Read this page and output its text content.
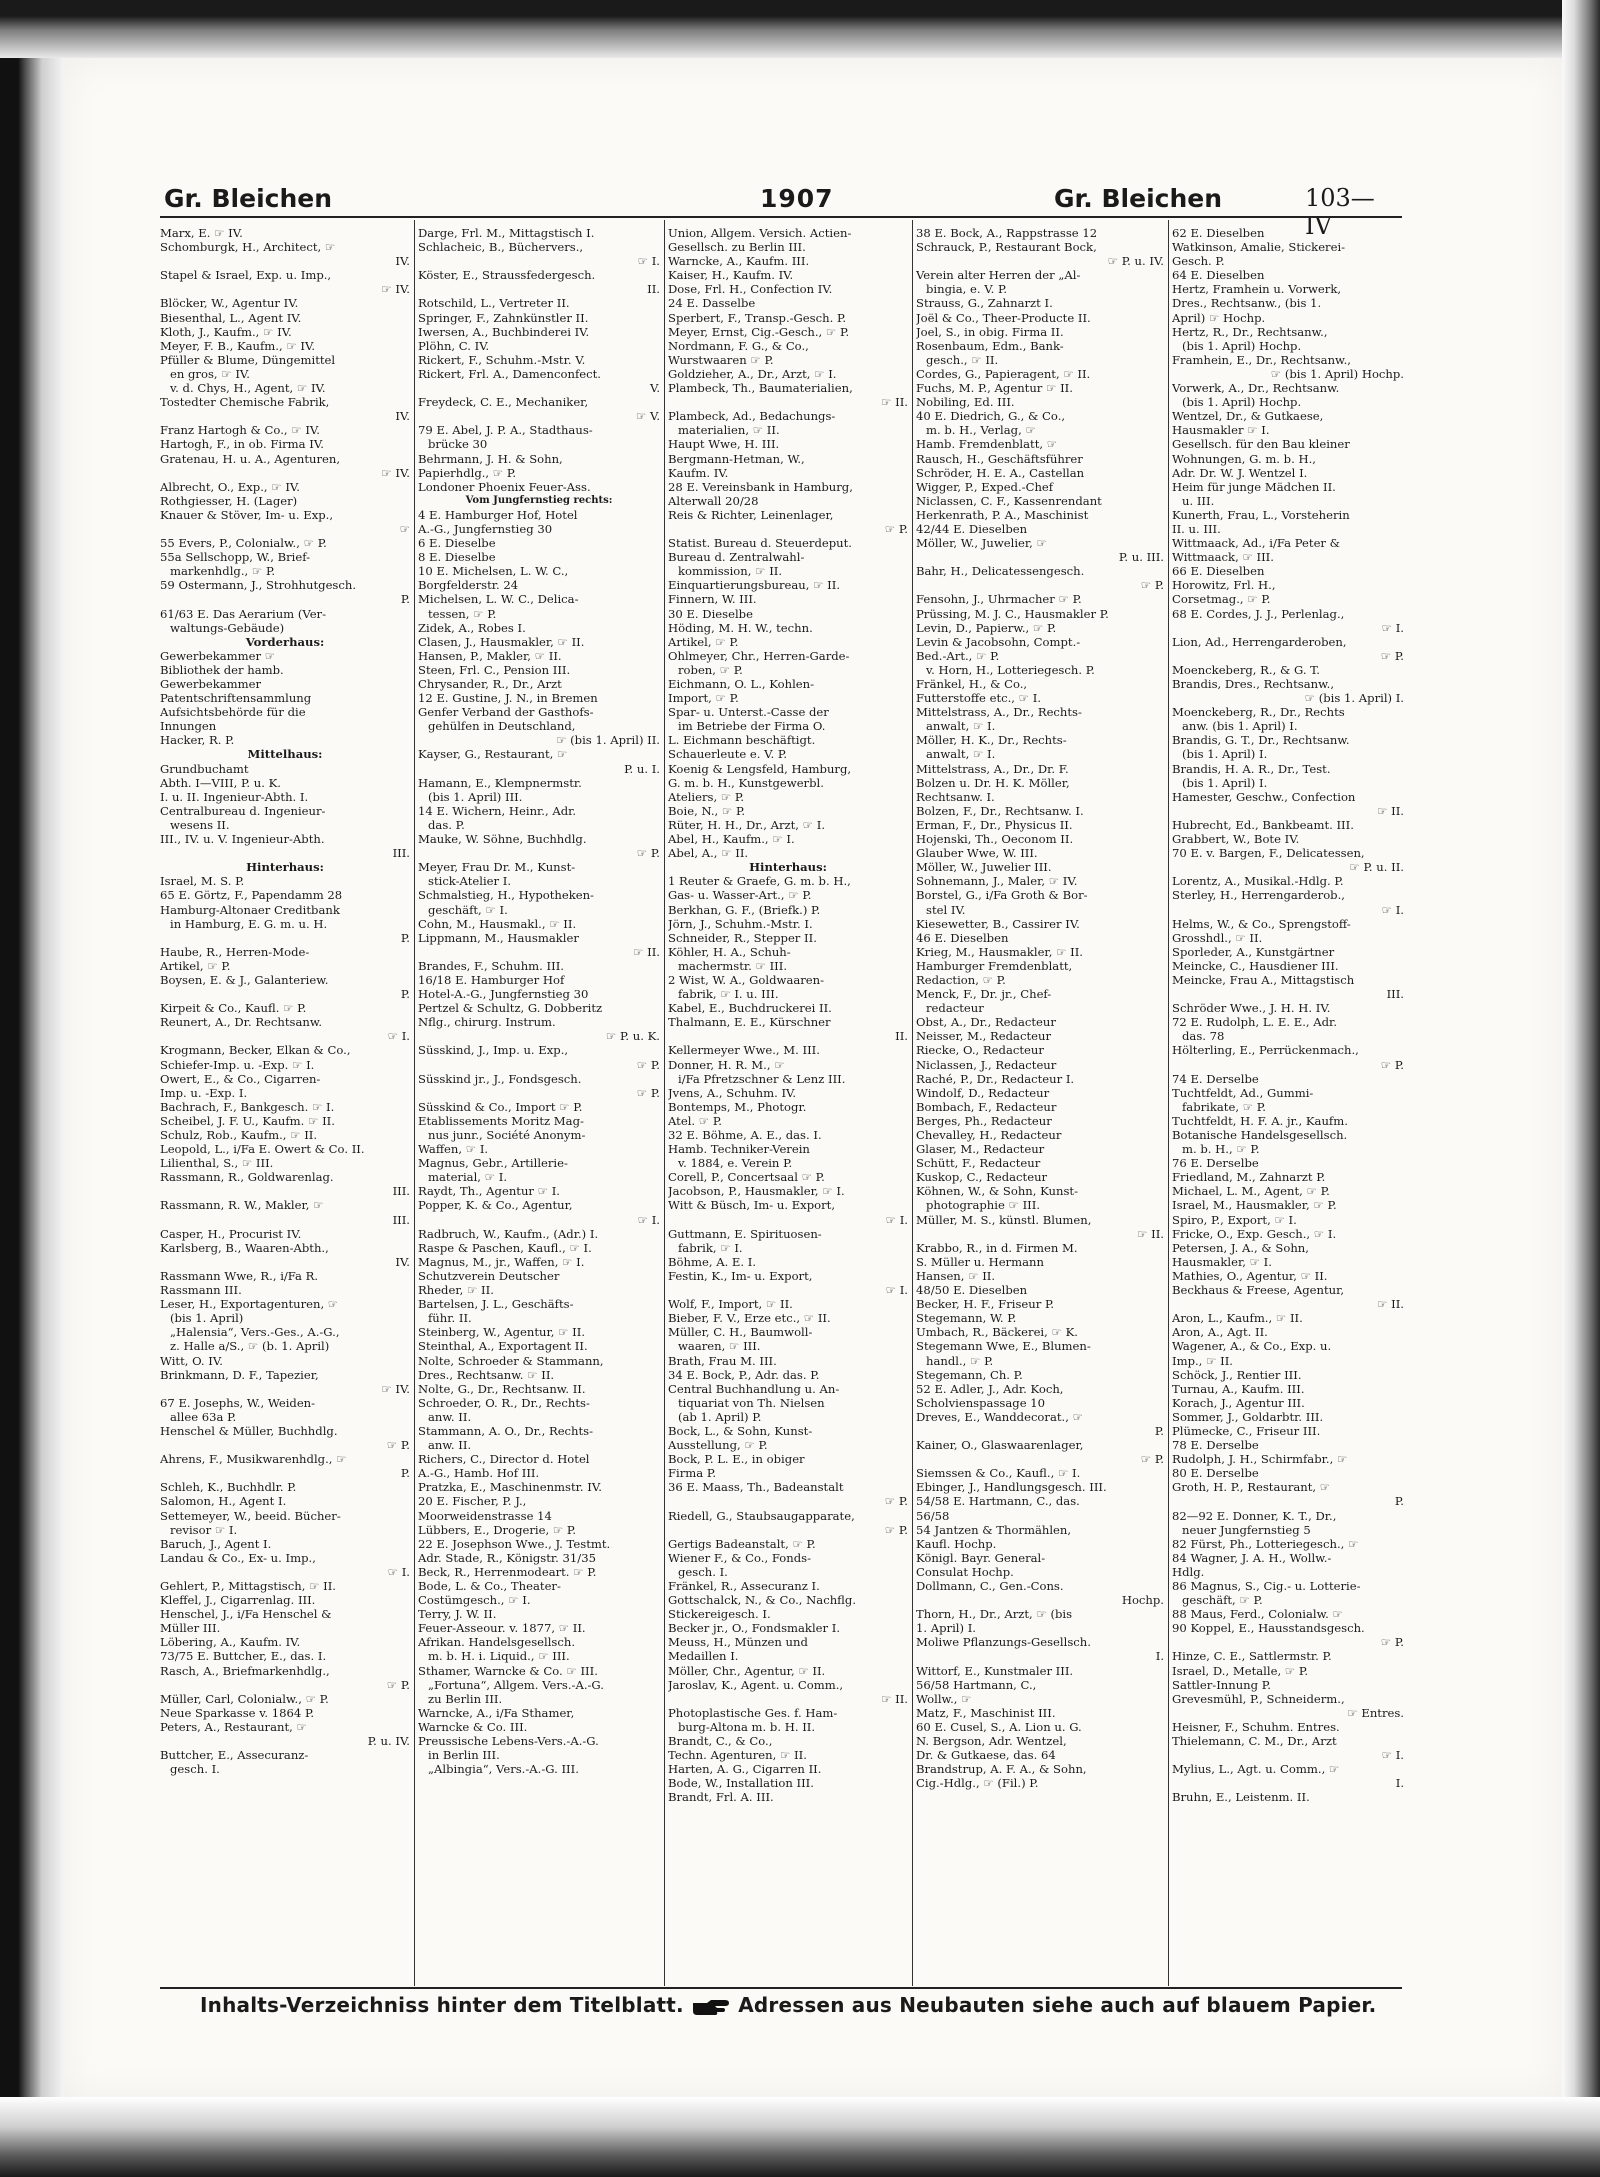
Gr. Bleichen	1907	Gr. Bleichen	103—IV
Marx, E. ☞ IV.
Schomburgk, H., Architect, ☞
IV.
Stapel & Israel, Exp. u. Imp.,
☞ IV.
Blöcker, W., Agentur IV.
Biesenthal, L., Agent IV.
Kloth, J., Kaufm., ☞ IV.
Meyer, F. B., Kaufm., ☞ IV.
Pfüller & Blume, Düngemittel
en gros, ☞ IV.
v. d. Chys, H., Agent, ☞ IV.
Tostedter Chemische Fabrik,
IV.
Franz Hartogh & Co., ☞ IV.
Hartogh, F., in ob. Firma IV.
Gratenau, H. u. A., Agenturen,
☞ IV.
Albrecht, O., Exp., ☞ IV.
Rothgiesser, H. (Lager)
Knauer & Stöver, Im- u. Exp.,
☞
55 Evers, P., Colonialw., ☞ P.
55a Sellschopp, W., Brief-
markenhdlg., ☞ P.
59 Ostermann, J., Strohhutgesch.
P.
61/63 E. Das Aerarium (Ver-
waltungs-Gebäude)
Vorderhaus:
Gewerbekammer ☞
Bibliothek der hamb.
Gewerbekammer
Patentschriftensammlung
Aufsichtsbehörde für die
Innungen
Hacker, R. P.
Mittelhaus:
Grundbuchamt
Abth. I—VIII, P. u. K.
I. u. II. Ingenieur-Abth. I.
Centralbureau d. Ingenieur-
wesens II.
III., IV. u. V. Ingenieur-Abth.
III.
Hinterhaus:
Israel, M. S. P.
65 E. Görtz, F., Papendamm 28
Hamburg-Altonaer Creditbank
in Hamburg, E. G. m. u. H.
P.
Haube, R., Herren-Mode-
Artikel, ☞ P.
Boysen, E. & J., Galanteriew.
P.
Kirpeit & Co., Kaufl. ☞ P.
Reunert, A., Dr. Rechtsanw.
☞ I.
Krogmann, Becker, Elkan & Co.,
Schiefer-Imp. u. -Exp. ☞ I.
Owert, E., & Co., Cigarren-
Imp. u. -Exp. I.
Bachrach, F., Bankgesch. ☞ I.
Scheibel, J. F. U., Kaufm. ☞ II.
Schulz, Rob., Kaufm., ☞ II.
Leopold, L., i/Fa E. Owert & Co. II.
Lilienthal, S., ☞ III.
Rassmann, R., Goldwarenlag.
III.
Rassmann, R. W., Makler, ☞
III.
Casper, H., Procurist IV.
Karlsberg, B., Waaren-Abth.,
IV.
Rassmann Wwe, R., i/Fa R.
Rassmann III.
Leser, H., Exportagenturen, ☞
(bis 1. April)
„Halensia“, Vers.-Ges., A.-G.,
z. Halle a/S., ☞ (b. 1. April)
Witt, O. IV.
Brinkmann, D. F., Tapezier,
☞ IV.
67 E. Josephs, W., Weiden-
allee 63a P.
Henschel & Müller, Buchhdlg.
☞ P.
Ahrens, F., Musikwarenhdlg., ☞
P.
Schleh, K., Buchhdlr. P.
Salomon, H., Agent I.
Settemeyer, W., beeid. Bücher-
revisor ☞ I.
Baruch, J., Agent I.
Landau & Co., Ex- u. Imp.,
☞ I.
Gehlert, P., Mittagstisch, ☞ II.
Kleffel, J., Cigarrenlag. III.
Henschel, J., i/Fa Henschel &
Müller III.
Löbering, A., Kaufm. IV.
73/75 E. Buttcher, E., das. I.
Rasch, A., Briefmarkenhdlg.,
☞ P.
Müller, Carl, Colonialw., ☞ P.
Neue Sparkasse v. 1864 P.
Peters, A., Restaurant, ☞
P. u. IV.
Buttcher, E., Assecuranz-
gesch. I.
Darge, Frl. M., Mittagstisch I.
Schlacheic, B., Büchervers.,
☞ I.
Köster, E., Straussfedergesch.
II.
Rotschild, L., Vertreter II.
Springer, F., Zahnkünstler II.
Iwersen, A., Buchbinderei IV.
Plöhn, C. IV.
Rickert, F., Schuhm.-Mstr. V.
Rickert, Frl. A., Damenconfect.
V.
Freydeck, C. E., Mechaniker,
☞ V.
79 E. Abel, J. P. A., Stadthaus-
brücke 30
Behrmann, J. H. & Sohn,
Papierhdlg., ☞ P.
Londoner Phoenix Feuer-Ass.
Vom Jungfernstieg rechts:
4 E. Hamburger Hof, Hotel
A.-G., Jungfernstieg 30
6 E. Dieselbe
8 E. Dieselbe
10 E. Michelsen, L. W. C.,
Borgfelderstr. 24
Michelsen, L. W. C., Delica-
tessen, ☞ P.
Zidek, A., Robes I.
Clasen, J., Hausmakler, ☞ II.
Hansen, P., Makler, ☞ II.
Steen, Frl. C., Pension III.
Chrysander, R., Dr., Arzt
12 E. Gustine, J. N., in Bremen
Genfer Verband der Gasthofs-
gehülfen in Deutschland,
☞ (bis 1. April) II.
Kayser, G., Restaurant, ☞
P. u. I.
Hamann, E., Klempnermstr.
(bis 1. April) III.
14 E. Wichern, Heinr., Adr.
das. P.
Mauke, W. Söhne, Buchhdlg.
☞ P.
Meyer, Frau Dr. M., Kunst-
stick-Atelier I.
Schmalstieg, H., Hypotheken-
geschäft, ☞ I.
Cohn, M., Hausmakl., ☞ II.
Lippmann, M., Hausmakler
☞ II.
Brandes, F., Schuhm. III.
16/18 E. Hamburger Hof
Hotel-A.-G., Jungfernstieg 30
Pertzel & Schultz, G. Dobberitz
Nflg., chirurg. Instrum.
☞ P. u. K.
Süsskind, J., Imp. u. Exp.,
☞ P.
Süsskind jr., J., Fondsgesch.
☞ P.
Süsskind & Co., Import ☞ P.
Etablissements Moritz Mag-
nus junr., Société Anonym-
Waffen, ☞ I.
Magnus, Gebr., Artillerie-
material, ☞ I.
Raydt, Th., Agentur ☞ I.
Popper, K. & Co., Agentur,
☞ I.
Radbruch, W., Kaufm., (Adr.) I.
Raspe & Paschen, Kaufl., ☞ I.
Magnus, M., jr., Waffen, ☞ I.
Schutzverein Deutscher
Rheder, ☞ II.
Bartelsen, J. L., Geschäfts-
führ. II.
Steinberg, W., Agentur, ☞ II.
Steinthal, A., Exportagent II.
Nolte, Schroeder & Stammann,
Dres., Rechtsanw. ☞ II.
Nolte, G., Dr., Rechtsanw. II.
Schroeder, O. R., Dr., Rechts-
anw. II.
Stammann, A. O., Dr., Rechts-
anw. II.
Richers, C., Director d. Hotel
A.-G., Hamb. Hof III.
Pratzka, E., Maschinenmstr. IV.
20 E. Fischer, P. J.,
Moorweidenstrasse 14
Lübbers, E., Drogerie, ☞ P.
22 E. Josephson Wwe., J. Testmt.
Adr. Stade, R., Königstr. 31/35
Beck, R., Herrenmodeart. ☞ P.
Bode, L. & Co., Theater-
Costümgesch., ☞ I.
Terry, J. W. II.
Feuer-Asseour. v. 1877, ☞ II.
Afrikan. Handelsgesellsch.
m. b. H. i. Liquid., ☞ III.
Sthamer, Warncke & Co. ☞ III.
„Fortuna“, Allgem. Vers.-A.-G.
zu Berlin III.
Warncke, A., i/Fa Sthamer,
Warncke & Co. III.
Preussische Lebens-Vers.-A.-G.
in Berlin III.
„Albingia“, Vers.-A.-G. III.
Union, Allgem. Versich. Actien-
Gesellsch. zu Berlin III.
Warncke, A., Kaufm. III.
Kaiser, H., Kaufm. IV.
Dose, Frl. H., Confection IV.
24 E. Dasselbe
Sperbert, F., Transp.-Gesch. P.
Meyer, Ernst, Cig.-Gesch., ☞ P.
Nordmann, F. G., & Co.,
Wurstwaaren ☞ P.
Goldzieher, A., Dr., Arzt, ☞ I.
Plambeck, Th., Baumaterialien,
☞ II.
Plambeck, Ad., Bedachungs-
materialien, ☞ II.
Haupt Wwe, H. III.
Bergmann-Hetman, W.,
Kaufm. IV.
28 E. Vereinsbank in Hamburg,
Alterwall 20/28
Reis & Richter, Leinenlager,
☞ P.
Statist. Bureau d. Steuerdeput.
Bureau d. Zentralwahl-
kommission, ☞ II.
Einquartierungsbureau, ☞ II.
Finnern, W. III.
30 E. Dieselbe
Höding, M. H. W., techn.
Artikel, ☞ P.
Ohlmeyer, Chr., Herren-Garde-
roben, ☞ P.
Eichmann, O. L., Kohlen-
Import, ☞ P.
Spar- u. Unterst.-Casse der
im Betriebe der Firma O.
L. Eichmann beschäftigt.
Schauerleute e. V. P.
Koenig & Lengsfeld, Hamburg,
G. m. b. H., Kunstgewerbl.
Ateliers, ☞ P.
Boie, N., ☞ P.
Rüter, H. H., Dr., Arzt, ☞ I.
Abel, H., Kaufm., ☞ I.
Abel, A., ☞ II.
Hinterhaus:
1 Reuter & Graefe, G. m. b. H.,
Gas- u. Wasser-Art., ☞ P.
Berkhan, G. F., (Briefk.) P.
Jörn, J., Schuhm.-Mstr. I.
Schneider, R., Stepper II.
Köhler, H. A., Schuh-
machermstr. ☞ III.
2 Wist, W. A., Goldwaaren-
fabrik, ☞ I. u. III.
Kabel, E., Buchdruckerei II.
Thalmann, E. E., Kürschner
II.
Kellermeyer Wwe., M. III.
Donner, H. R. M., ☞
i/Fa Pfretzschner & Lenz III.
Jvens, A., Schuhm. IV.
Bontemps, M., Photogr.
Atel. ☞ P.
32 E. Böhme, A. E., das. I.
Hamb. Techniker-Verein
v. 1884, e. Verein P.
Corell, P., Concertsaal ☞ P.
Jacobson, P., Hausmakler, ☞ I.
Witt & Büsch, Im- u. Export,
☞ I.
Guttmann, E. Spirituosen-
fabrik, ☞ I.
Böhme, A. E. I.
Festin, K., Im- u. Export,
☞ I.
Wolf, F., Import, ☞ II.
Bieber, F. V., Erze etc., ☞ II.
Müller, C. H., Baumwoll-
waaren, ☞ III.
Brath, Frau M. III.
34 E. Bock, P., Adr. das. P.
Central Buchhandlung u. An-
tiquariat von Th. Nielsen
(ab 1. April) P.
Bock, L., & Sohn, Kunst-
Ausstellung, ☞ P.
Bock, P. L. E., in obiger
Firma P.
36 E. Maass, Th., Badeanstalt
☞ P.
Riedell, G., Staubsaugapparate,
☞ P.
Gertigs Badeanstalt, ☞ P.
Wiener F., & Co., Fonds-
gesch. I.
Fränkel, R., Assecuranz I.
Gottschalck, N., & Co., Nachflg.
Stickereigesch. I.
Becker jr., O., Fondsmakler I.
Meuss, H., Münzen und
Medaillen I.
Möller, Chr., Agentur, ☞ II.
Jaroslav, K., Agent. u. Comm.,
☞ II.
Photoplastische Ges. f. Ham-
burg-Altona m. b. H. II.
Brandt, C., & Co.,
Techn. Agenturen, ☞ II.
Harten, A. G., Cigarren II.
Bode, W., Installation III.
Brandt, Frl. A. III.
38 E. Bock, A., Rappstrasse 12
Schrauck, P., Restaurant Bock,
☞ P. u. IV.
Verein alter Herren der „Al-
bingia, e. V. P.
Strauss, G., Zahnarzt I.
Joël & Co., Theer-Producte II.
Joel, S., in obig. Firma II.
Rosenbaum, Edm., Bank-
gesch., ☞ II.
Cordes, G., Papieragent, ☞ II.
Fuchs, M. P., Agentur ☞ II.
Nobiling, Ed. III.
40 E. Diedrich, G., & Co.,
m. b. H., Verlag, ☞
Hamb. Fremdenblatt, ☞
Rausch, H., Geschäftsführer
Schröder, H. E. A., Castellan
Wigger, P., Exped.-Chef
Niclassen, C. F., Kassenrendant
Herkenrath, P. A., Maschinist
42/44 E. Dieselben
Möller, W., Juwelier, ☞
P. u. III.
Bahr, H., Delicatessengesch.
☞ P.
Fensohn, J., Uhrmacher ☞ P.
Prüssing, M. J. C., Hausmakler P.
Levin, D., Papierw., ☞ P.
Levin & Jacobsohn, Compt.-
Bed.-Art., ☞ P.
v. Horn, H., Lotteriegesch. P.
Fränkel, H., & Co.,
Futterstoffe etc., ☞ I.
Mittelstrass, A., Dr., Rechts-
anwalt, ☞ I.
Möller, H. K., Dr., Rechts-
anwalt, ☞ I.
Mittelstrass, A., Dr., Dr. F.
Bolzen u. Dr. H. K. Möller,
Rechtsanw. I.
Bolzen, F., Dr., Rechtsanw. I.
Erman, F., Dr., Physicus II.
Hojenski, Th., Oeconom II.
Glauber Wwe, W. III.
Möller, W., Juwelier III.
Sohnemann, J., Maler, ☞ IV.
Borstel, G., i/Fa Groth & Bor-
stel IV.
Kiesewetter, B., Cassirer IV.
46 E. Dieselben
Krieg, M., Hausmakler, ☞ II.
Hamburger Fremdenblatt,
Redaction, ☞ P.
Menck, F., Dr. jr., Chef-
redacteur
Obst, A., Dr., Redacteur
Neisser, M., Redacteur
Riecke, O., Redacteur
Niclassen, J., Redacteur
Raché, P., Dr., Redacteur I.
Windolf, D., Redacteur
Bombach, F., Redacteur
Berges, Ph., Redacteur
Chevalley, H., Redacteur
Glaser, M., Redacteur
Schütt, F., Redacteur
Kuskop, C., Redacteur
Köhnen, W., & Sohn, Kunst-
photographie ☞ III.
Müller, M. S., künstl. Blumen,
☞ II.
Krabbo, R., in d. Firmen M.
S. Müller u. Hermann
Hansen, ☞ II.
48/50 E. Dieselben
Becker, H. F., Friseur P.
Stegemann, W. P.
Umbach, R., Bäckerei, ☞ K.
Stegemann Wwe, E., Blumen-
handl., ☞ P.
Stegemann, Ch. P.
52 E. Adler, J., Adr. Koch,
Scholvienspassage 10
Dreves, E., Wanddecorat., ☞
P.
Kainer, O., Glaswaarenlager,
☞ P.
Siemssen & Co., Kaufl., ☞ I.
Ebinger, J., Handlungsgesch. III.
54/58 E. Hartmann, C., das.
56/58
54 Jantzen & Thormählen,
Kaufl. Hochp.
Königl. Bayr. General-
Consulat Hochp.
Dollmann, C., Gen.-Cons.
Hochp.
Thorn, H., Dr., Arzt, ☞ (bis
1. April) I.
Moliwe Pflanzungs-Gesellsch.
I.
Wittorf, E., Kunstmaler III.
56/58 Hartmann, C.,
Wollw., ☞
Matz, F., Maschinist III.
60 E. Cusel, S., A. Lion u. G.
N. Bergson, Adr. Wentzel,
Dr. & Gutkaese, das. 64
Brandstrup, A. F. A., & Sohn,
Cig.-Hdlg., ☞ (Fil.) P.
62 E. Dieselben
Watkinson, Amalie, Stickerei-
Gesch. P.
64 E. Dieselben
Hertz, Framhein u. Vorwerk,
Dres., Rechtsanw., (bis 1.
April) ☞ Hochp.
Hertz, R., Dr., Rechtsanw.,
(bis 1. April) Hochp.
Framhein, E., Dr., Rechtsanw.,
☞ (bis 1. April) Hochp.
Vorwerk, A., Dr., Rechtsanw.
(bis 1. April) Hochp.
Wentzel, Dr., & Gutkaese,
Hausmakler ☞ I.
Gesellsch. für den Bau kleiner
Wohnungen, G. m. b. H.,
Adr. Dr. W. J. Wentzel I.
Heim für junge Mädchen II.
u. III.
Kunerth, Frau, L., Vorsteherin
II. u. III.
Wittmaack, Ad., i/Fa Peter &
Wittmaack, ☞ III.
66 E. Dieselben
Horowitz, Frl. H.,
Corsetmag., ☞ P.
68 E. Cordes, J. J., Perlenlag.,
☞ I.
Lion, Ad., Herrengarderoben,
☞ P.
Moenckeberg, R., & G. T.
Brandis, Dres., Rechtsanw.,
☞ (bis 1. April) I.
Moenckeberg, R., Dr., Rechts
anw. (bis 1. April) I.
Brandis, G. T., Dr., Rechtsanw.
(bis 1. April) I.
Brandis, H. A. R., Dr., Test.
(bis 1. April) I.
Hamester, Geschw., Confection
☞ II.
Hubrecht, Ed., Bankbeamt. III.
Grabbert, W., Bote IV.
70 E. v. Bargen, F., Delicatessen,
☞ P. u. II.
Lorentz, A., Musikal.-Hdlg. P.
Sterley, H., Herrengarderob.,
☞ I.
Helms, W., & Co., Sprengstoff-
Grosshdl., ☞ II.
Sporleder, A., Kunstgärtner
Meincke, C., Hausdiener III.
Meincke, Frau A., Mittagstisch
III.
Schröder Wwe., J. H. H. IV.
72 E. Rudolph, L. E. E., Adr.
das. 78
Hölterling, E., Perrückenmach.,
☞ P.
74 E. Derselbe
Tuchtfeldt, Ad., Gummi-
fabrikate, ☞ P.
Tuchtfeldt, H. F. A. jr., Kaufm.
Botanische Handelsgesellsch.
m. b. H., ☞ P.
76 E. Derselbe
Friedland, M., Zahnarzt P.
Michael, L. M., Agent, ☞ P.
Israel, M., Hausmakler, ☞ P.
Spiro, P., Export, ☞ I.
Fricke, O., Exp. Gesch., ☞ I.
Petersen, J. A., & Sohn,
Hausmakler, ☞ I.
Mathies, O., Agentur, ☞ II.
Beckhaus & Freese, Agentur,
☞ II.
Aron, L., Kaufm., ☞ II.
Aron, A., Agt. II.
Wagener, A., & Co., Exp. u.
Imp., ☞ II.
Schöck, J., Rentier III.
Turnau, A., Kaufm. III.
Korach, J., Agentur III.
Sommer, J., Goldarbtr. III.
Plümecke, C., Friseur III.
78 E. Derselbe
Rudolph, J. H., Schirmfabr., ☞
80 E. Derselbe
Groth, H. P., Restaurant, ☞
P.
82—92 E. Donner, K. T., Dr.,
neuer Jungfernstieg 5
82 Fürst, Ph., Lotteriegesch., ☞
84 Wagner, J. A. H., Wollw.-
Hdlg.
86 Magnus, S., Cig.- u. Lotterie-
geschäft, ☞ P.
88 Maus, Ferd., Colonialw. ☞
90 Koppel, E., Hausstandsgesch.
☞ P.
Hinze, C. E., Sattlermstr. P.
Israel, D., Metalle, ☞ P.
Sattler-Innung P.
Grevesmühl, P., Schneiderm.,
☞ Entres.
Heisner, F., Schuhm. Entres.
Thielemann, C. M., Dr., Arzt
☞ I.
Mylius, L., Agt. u. Comm., ☞
I.
Bruhn, E., Leistenm. II.
Inhalts-Verzeichniss hinter dem Titelblatt.	Adressen aus Neubauten siehe auch auf blauem Papier.
